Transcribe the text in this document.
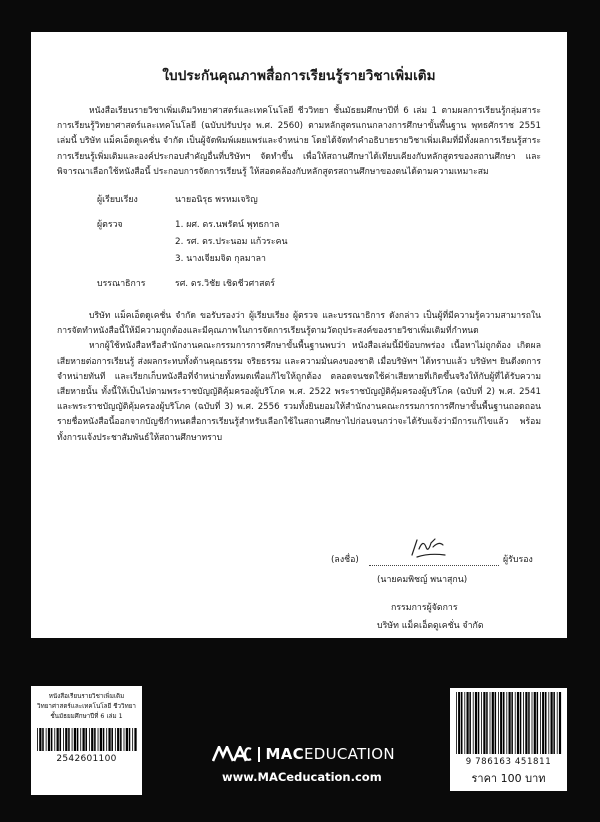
ใบประกันคุณภาพสื่อการเรียนรู้รายวิชาเพิ่มเติม

หนังสือเรียนรายวิชาเพิ่มเติมวิทยาศาสตร์และเทคโนโลยี ชีววิทยา ชั้นมัธยมศึกษาปีที่ 6 เล่ม 1 ตามผลการเรียนรู้กลุ่มสาระการเรียนรู้วิทยาศาสตร์และเทคโนโลยี (ฉบับปรับปรุง พ.ศ. 2560) ตามหลักสูตรแกนกลางการศึกษาขั้นพื้นฐาน พุทธศักราช 2551 เล่มนี้ บริษัท แม็คเอ็ดดูเคชั่น จำกัด เป็นผู้จัดพิมพ์เผยแพร่และจำหน่าย โดยได้จัดทำคำอธิบายรายวิชาเพิ่มเติมที่มีทั้งผลการเรียนรู้สาระการเรียนรู้เพิ่มเติมและองค์ประกอบสำคัญอื่นที่บริษัทฯ จัดทำขึ้น เพื่อให้สถานศึกษาได้เทียบเคียงกับหลักสูตรของสถานศึกษา และพิจารณาเลือกใช้หนังสือนี้ ประกอบการจัดการเรียนรู้ ให้สอดคล้องกับหลักสูตรสถานศึกษาของตนได้ตามความเหมาะสม

ผู้เรียบเรียง	นายอนิรุธ พรหมเจริญ
ผู้ตรวจ	1. ผศ. ดร.นพรัตน์ พุทธกาล
2. รศ. ดร.ประนอม แก้วระคน
3. นางเจียมจิต กุลมาลา
บรรณาธิการ	รศ. ดร.วิชัย เชิดชีวศาสตร์

บริษัท แม็คเอ็ดดูเคชั่น จำกัด ขอรับรองว่า ผู้เรียบเรียง ผู้ตรวจ และบรรณาธิการ ดังกล่าว เป็นผู้ที่มีความรู้ความสามารถในการจัดทำหนังสือนี้ให้มีความถูกต้องและมีคุณภาพในการจัดการเรียนรู้ตามวัตถุประสงค์ของรายวิชาเพิ่มเติมที่กำหนด

หากผู้ใช้หนังสือหรือสำนักงานคณะกรรมการการศึกษาขั้นพื้นฐานพบว่า หนังสือเล่มนี้มีข้อบกพร่อง เนื้อหาไม่ถูกต้อง เกิดผลเสียหายต่อการเรียนรู้ ส่งผลกระทบทั้งด้านคุณธรรม จริยธรรม และความมั่นคงของชาติ เมื่อบริษัทฯ ได้ทราบแล้ว บริษัทฯ ยินดีงดการจำหน่ายทันที และเรียกเก็บหนังสือที่จำหน่ายทั้งหมดเพื่อแก้ไขให้ถูกต้อง ตลอดจนชดใช้ค่าเสียหายที่เกิดขึ้นจริงให้กับผู้ที่ได้รับความเสียหายนั้น ทั้งนี้ให้เป็นไปตามพระราชบัญญัติคุ้มครองผู้บริโภค พ.ศ. 2522 พระราชบัญญัติคุ้มครองผู้บริโภค (ฉบับที่ 2) พ.ศ. 2541 และพระราชบัญญัติคุ้มครองผู้บริโภค (ฉบับที่ 3) พ.ศ. 2556 รวมทั้งยินยอมให้สำนักงานคณะกรรมการการศึกษาขั้นพื้นฐานถอดถอนรายชื่อหนังสือนี้ออกจากบัญชีกำหนดสื่อการเรียนรู้สำหรับเลือกใช้ในสถานศึกษาไปก่อนจนกว่าจะได้รับแจ้งว่ามีการแก้ไขแล้ว พร้อมทั้งการแจ้งประชาสัมพันธ์ให้สถานศึกษาทราบ

(ลงชื่อ)	ผู้รับรอง
(นายคมพิชญ์ พนาสุกน)
กรรมการผู้จัดการ
บริษัท แม็คเอ็ดดูเคชั่น จำกัด
หนังสือเรียนรายวิชาเพิ่มเติม
วิทยาศาสตร์และเทคโนโลยี ชีววิทยา
ชั้นมัธยมศึกษาปีที่ 6 เล่ม 1
2542601100	MACEDUCATION
www.MACeducation.com
9 786163 451811
ราคา 100 บาท
